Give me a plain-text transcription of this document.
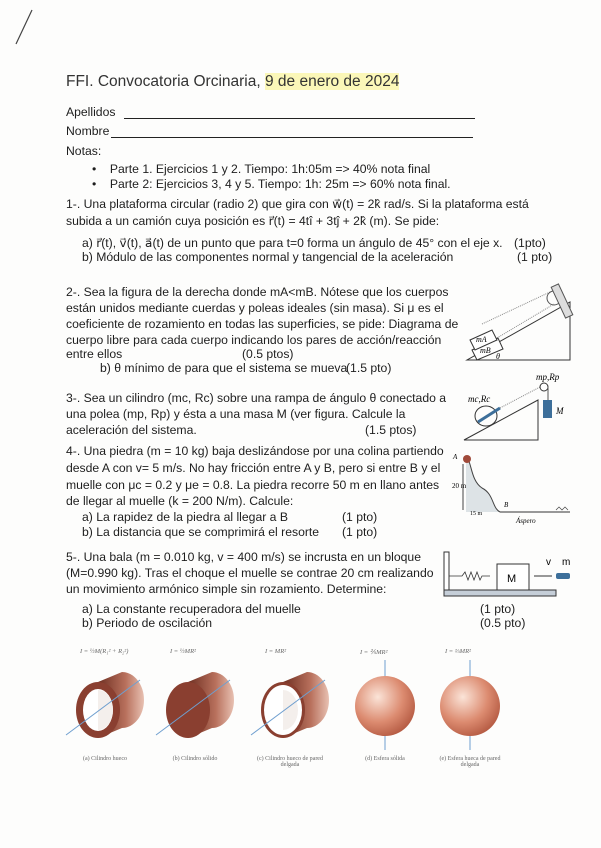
FFI. Convocatoria Orcinaria, 9 de enero de 2024
Apellidos
Nombre
Notas:
•    Parte 1. Ejercicios 1 y 2. Tiempo: 1h:05m => 40% nota final
•    Parte 2: Ejercicios 3, 4 y 5. Tiempo: 1h: 25m => 60% nota final.
1-. Una plataforma circular (radio 2) que gira con w⃗(t) = 2k̂ rad/s. Si la plataforma está
subida a un camión cuya posición es r⃗(t) = 4tî + 3tĵ + 2k̂ (m). Se pide:
a) r⃗(t), v⃗(t), a⃗(t) de un punto que para t=0 forma un ángulo de 45° con el eje x. (1pto)
b) Módulo de las componentes normal y tangencial de la aceleración	(1 pto)
2-. Sea la figura de la derecha donde mA<mB. Nótese que los cuerpos
están unidos mediante cuerdas y poleas ideales (sin masa). Si μ es el
coeficiente de rozamiento en todas las superficies, se pide: Diagrama de
cuerpo libre para cada cuerpo indicando los pares de acción/reacción
entre ellos	(0.5 ptos)
b) θ mínimo de para que el sistema se mueva
(1.5 pto)
mA
mB
θ
3-. Sea un cilindro (mc, Rc) sobre una rampa de ángulo θ conectado a
una polea (mp, Rp) y ésta a una masa M (ver figura. Calcule la
aceleración del sistema.	(1.5 ptos)
mc,Rc
mp,Rp
M
4-. Una piedra (m = 10 kg) baja deslizándose por una colina partiendo
desde A con v= 5 m/s. No hay fricción entre A y B, pero si entre B y el
muelle con μc = 0.2 y μe = 0.8. La piedra recorre 50 m en llano antes
de llegar al muelle (k = 200 N/m). Calcule:
a) La rapidez de la piedra al llegar a B	(1 pto)
b) La distancia que se comprimirá el resorte (1 pto)
A
20 m
15 m
B
Áspero
5-. Una bala (m = 0.010 kg, v = 400 m/s) se incrusta en un bloque
(M=0.990 kg). Tras el choque el muelle se contrae 20 cm realizando
un movimiento armónico simple sin rozamiento. Determine:
a) La constante recuperadora del muelle	(1 pto)
b) Periodo de oscilación	(0.5 pto)
M
v m
I = ½M(R₁² + R₂²)
(a) Cilindro hueco
I = ½MR²
(b) Cilindro sólido
I = MR²
(c) Cilindro hueco de pared delgada
I = ⅖MR²
(d) Esfera sólida
I = ⅔MR²
(e) Esfera hueca de pared delgada
